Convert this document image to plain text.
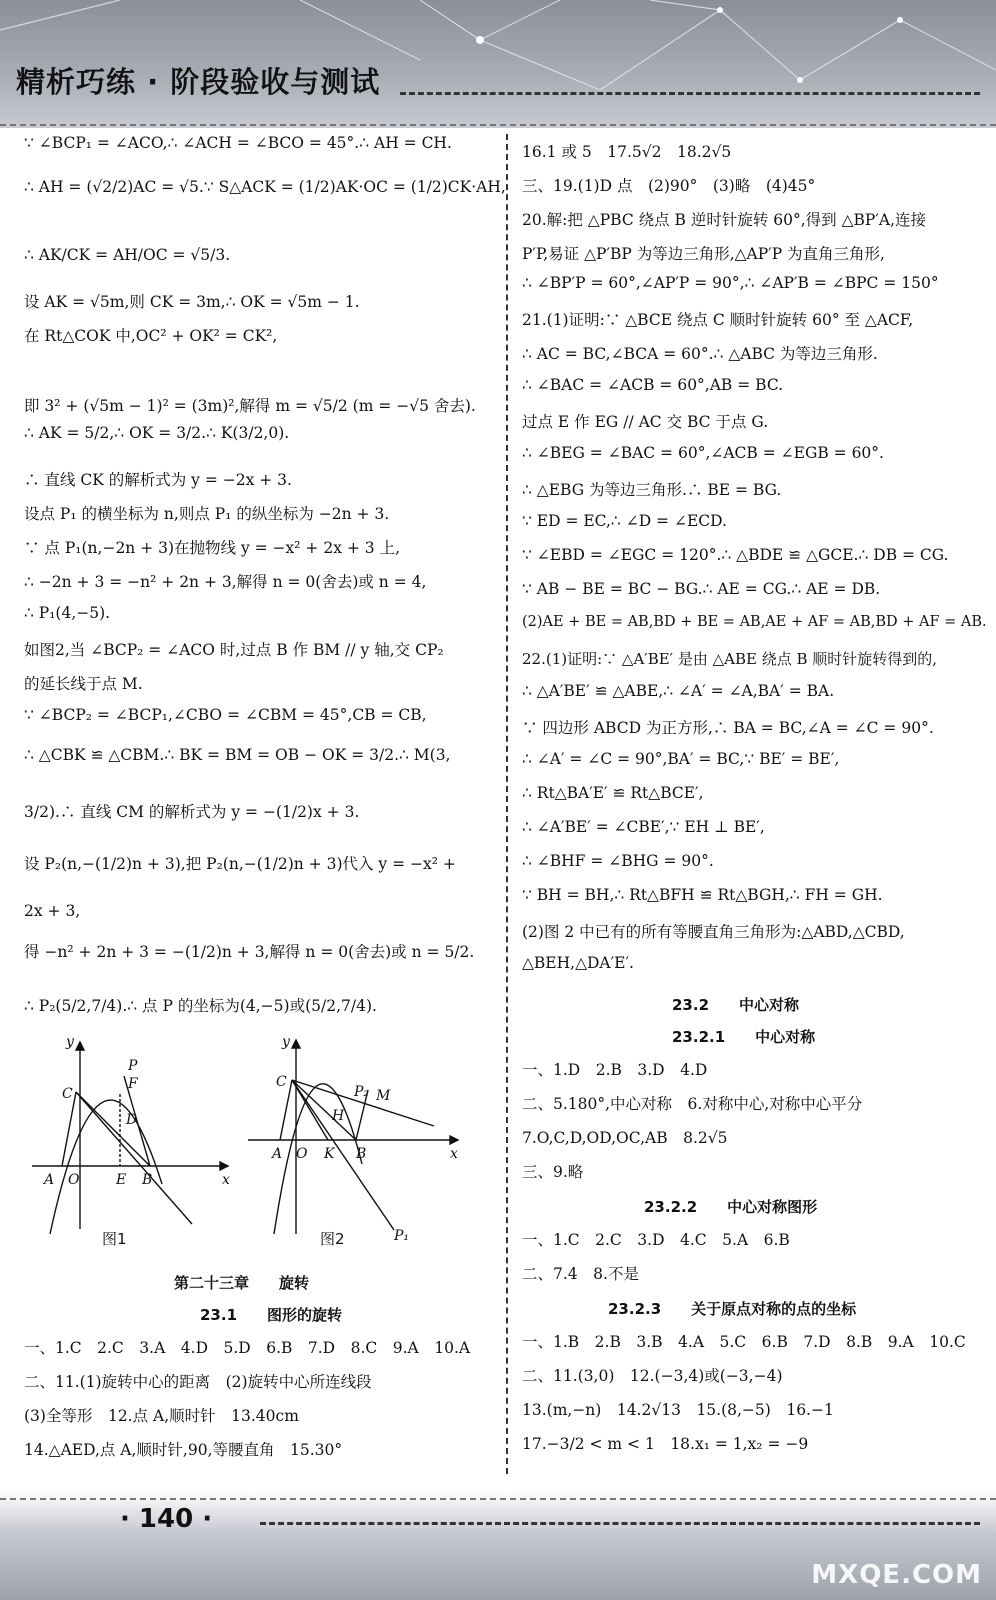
精析巧练 · 阶段验收与测试
∵ ∠BCP₁ = ∠ACO,∴ ∠ACH = ∠BCO = 45°.∴ AH = CH.
∴ AH = (√2/2)AC = √5.∵ S△ACK = (1/2)AK·OC = (1/2)CK·AH,
∴ AK/CK = AH/OC = √5/3.
设 AK = √5m,则 CK = 3m,∴ OK = √5m − 1.
在 Rt△COK 中,OC² + OK² = CK²,
即 3² + (√5m − 1)² = (3m)²,解得 m = √5/2 (m = −√5 舍去).
∴ AK = 5/2,∴ OK = 3/2.∴ K(3/2,0).
∴ 直线 CK 的解析式为 y = −2x + 3.
设点 P₁ 的横坐标为 n,则点 P₁ 的纵坐标为 −2n + 3.
∵ 点 P₁(n,−2n + 3)在抛物线 y = −x² + 2x + 3 上,
∴ −2n + 3 = −n² + 2n + 3,解得 n = 0(舍去)或 n = 4,
∴ P₁(4,−5).
如图2,当 ∠BCP₂ = ∠ACO 时,过点 B 作 BM // y 轴,交 CP₂
的延长线于点 M.
∵ ∠BCP₂ = ∠BCP₁,∠CBO = ∠CBM = 45°,CB = CB,
∴ △CBK ≌ △CBM.∴ BK = BM = OB − OK = 3/2.∴ M(3,
3/2).∴ 直线 CM 的解析式为 y = −(1/2)x + 3.
设 P₂(n,−(1/2)n + 3),把 P₂(n,−(1/2)n + 3)代入 y = −x² +
2x + 3,
得 −n² + 2n + 3 = −(1/2)n + 3,解得 n = 0(舍去)或 n = 5/2.
∴ P₂(5/2,7/4).∴ 点 P 的坐标为(4,−5)或(5/2,7/4).
y
P
F
C
D
A O	E B	x
图1
y
C
P₂ M
H
A O K B	x
P₁
图2
第二十三章　　旋转
23.1　　图形的旋转
一、1.C　2.C　3.A　4.D　5.D　6.B　7.D　8.C　9.A　10.A
二、11.(1)旋转中心的距离　(2)旋转中心所连线段
(3)全等形　12.点 A,顺时针　13.40cm
14.△AED,点 A,顺时针,90,等腰直角　15.30°
16.1 或 5　17.5√2　18.2√5
三、19.(1)D 点　(2)90°　(3)略　(4)45°
20.解:把 △PBC 绕点 B 逆时针旋转 60°,得到 △BP′A,连接
P′P,易证 △P′BP 为等边三角形,△AP′P 为直角三角形,
∴ ∠BP′P = 60°,∠AP′P = 90°,∴ ∠AP′B = ∠BPC = 150°
21.(1)证明:∵ △BCE 绕点 C 顺时针旋转 60° 至 △ACF,
∴ AC = BC,∠BCA = 60°.∴ △ABC 为等边三角形.
∴ ∠BAC = ∠ACB = 60°,AB = BC.
过点 E 作 EG // AC 交 BC 于点 G.
∴ ∠BEG = ∠BAC = 60°,∠ACB = ∠EGB = 60°.
∴ △EBG 为等边三角形.∴ BE = BG.
∵ ED = EC,∴ ∠D = ∠ECD.
∵ ∠EBD = ∠EGC = 120°.∴ △BDE ≌ △GCE.∴ DB = CG.
∵ AB − BE = BC − BG.∴ AE = CG.∴ AE = DB.
(2)AE + BE = AB,BD + BE = AB,AE + AF = AB,BD + AF = AB.
22.(1)证明:∵ △A′BE′ 是由 △ABE 绕点 B 顺时针旋转得到的,
∴ △A′BE′ ≌ △ABE,∴ ∠A′ = ∠A,BA′ = BA.
∵ 四边形 ABCD 为正方形,∴ BA = BC,∠A = ∠C = 90°.
∴ ∠A′ = ∠C = 90°,BA′ = BC,∵ BE′ = BE′,
∴ Rt△BA′E′ ≌ Rt△BCE′,
∴ ∠A′BE′ = ∠CBE′,∵ EH ⊥ BE′,
∴ ∠BHF = ∠BHG = 90°.
∵ BH = BH,∴ Rt△BFH ≌ Rt△BGH,∴ FH = GH.
(2)图 2 中已有的所有等腰直角三角形为:△ABD,△CBD,
△BEH,△DA′E′.
23.2　　中心对称
23.2.1　　中心对称
一、1.D　2.B　3.D　4.D
二、5.180°,中心对称　6.对称中心,对称中心平分
7.O,C,D,OD,OC,AB　8.2√5
三、9.略
23.2.2　　中心对称图形
一、1.C　2.C　3.D　4.C　5.A　6.B
二、7.4　8.不是
23.2.3　　关于原点对称的点的坐标
一、1.B　2.B　3.B　4.A　5.C　6.B　7.D　8.B　9.A　10.C
二、11.(3,0)　12.(−3,4)或(−3,−4)
13.(m,−n)　14.2√13　15.(8,−5)　16.−1
17.−3/2 < m < 1　18.x₁ = 1,x₂ = −9
· 140 ·
MXQE.COM
